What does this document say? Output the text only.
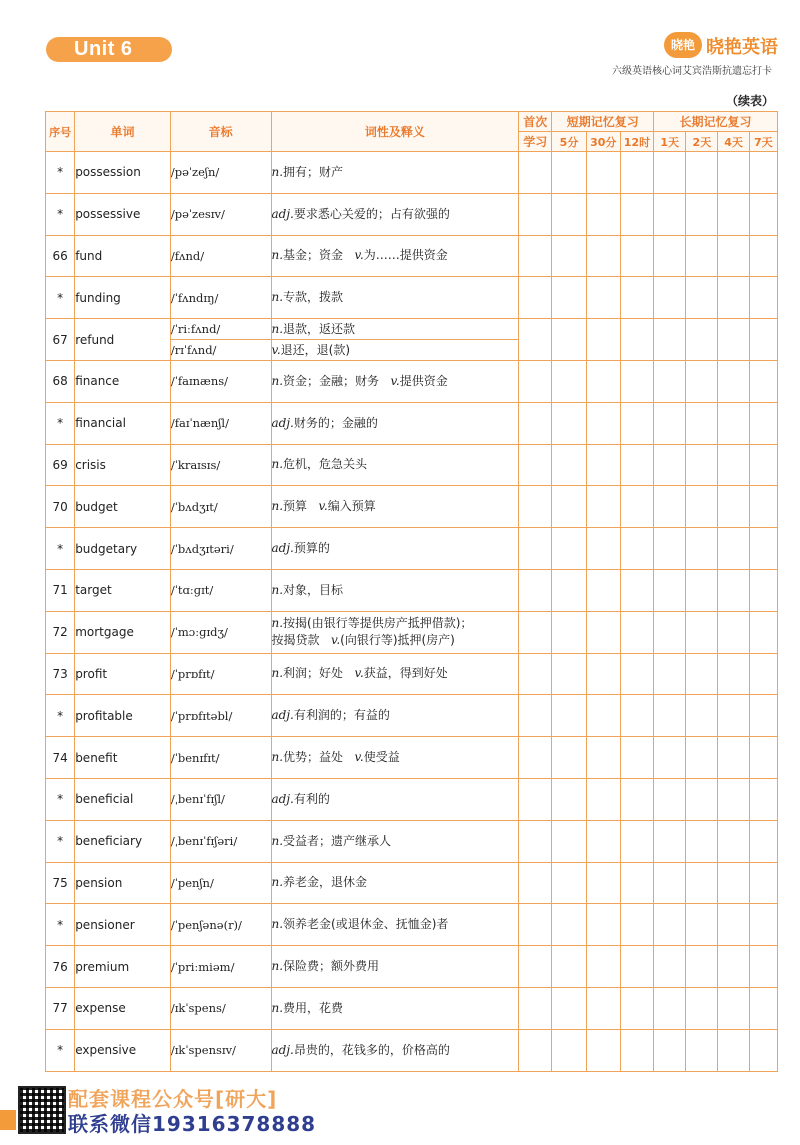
Unit 6	晓艳 晓艳英语
六级英语核心词艾宾浩斯抗遗忘打卡
（续表）
序号	单词	音标	词性及释义	首次	短期记忆复习			长期记忆复习			
				学习	5分	30分	12时	1天	2天	4天	7天
*	possession	/pəˈzeʃn/	n.拥有；财产								
*	possessive	/pəˈzesɪv/	adj.要求悉心关爱的；占有欲强的								
66	fund	/fʌnd/	n.基金；资金 v.为……提供资金								
*	funding	/ˈfʌndɪŋ/	n.专款，拨款								
67	refund	/ˈriːfʌnd/	n.退款，返还款								
		/rɪˈfʌnd/	v.退还，退(款)								
68	finance	/ˈfaɪnæns/	n.资金；金融；财务 v.提供资金								
*	financial	/faɪˈnænʃl/	adj.财务的；金融的								
69	crisis	/ˈkraɪsɪs/	n.危机，危急关头								
70	budget	/ˈbʌdʒɪt/	n.预算 v.编入预算								
*	budgetary	/ˈbʌdʒɪtəri/	adj.预算的								
71	target	/ˈtɑːɡɪt/	n.对象，目标								
72	mortgage	/ˈmɔːɡɪdʒ/	n.按揭(由银行等提供房产抵押借款)；
按揭贷款 v.(向银行等)抵押(房产)								

73	profit	/ˈprɒfɪt/	n.利润；好处 v.获益，得到好处								
*	profitable	/ˈprɒfɪtəbl/	adj.有利润的；有益的								
74	benefit	/ˈbenɪfɪt/	n.优势；益处 v.使受益								
*	beneficial	/ˌbenɪˈfɪʃl/	adj.有利的								
*	beneficiary	/ˌbenɪˈfɪʃəri/	n.受益者；遗产继承人								
75	pension	/ˈpenʃn/	n.养老金，退休金								
*	pensioner	/ˈpenʃənə(r)/	n.领养老金(或退休金、抚恤金)者								
76	premium	/ˈpriːmiəm/	n.保险费；额外费用								
77	expense	/ɪkˈspens/	n.费用，花费								
*	expensive	/ɪkˈspensɪv/	adj.昂贵的，花钱多的，价格高的								
配套课程公众号[研大]
联系微信19316378888
